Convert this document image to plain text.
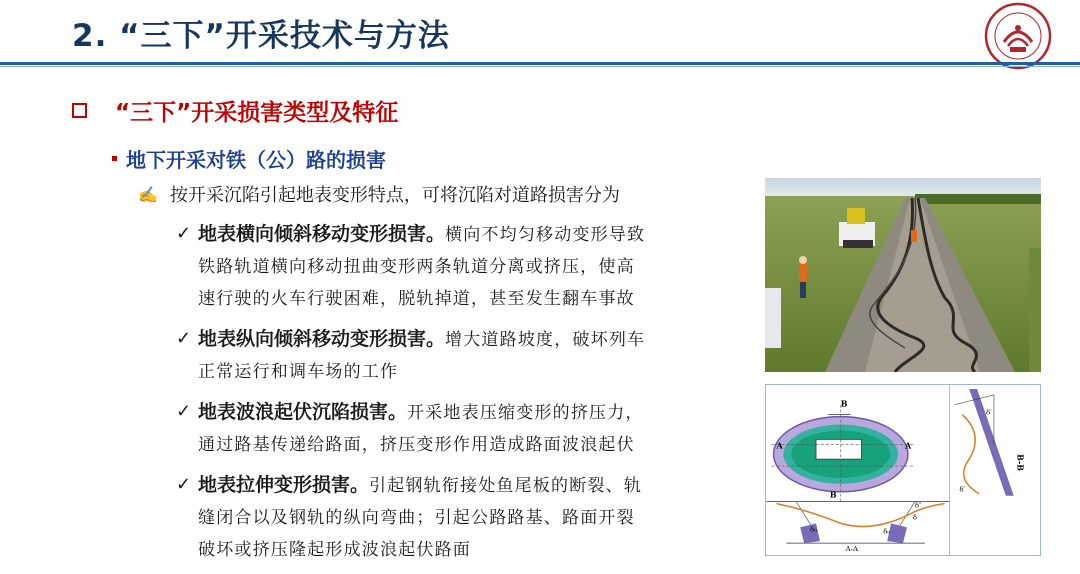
2. “三下”开采技术与方法
“三下”开采损害类型及特征
地下开采对铁（公）路的损害
✍ 按开采沉陷引起地表变形特点，可将沉陷对道路损害分为
✓ 地表横向倾斜移动变形损害。横向不均匀移动变形导致
铁路轨道横向移动扭曲变形两条轨道分离或挤压，使高
速行驶的火车行驶困难，脱轨掉道，甚至发生翻车事故
✓ 地表纵向倾斜移动变形损害。增大道路坡度，破坏列车
正常运行和调车场的工作
✓ 地表波浪起伏沉陷损害。开采地表压缩变形的挤压力，
通过路基传递给路面，挤压变形作用造成路面波浪起伏
✓ 地表拉伸变形损害。引起钢轨衔接处鱼尾板的断裂、轨
缝闭合以及钢轨的纵向弯曲；引起公路路基、路面开裂
破坏或挤压隆起形成波浪起伏路面
B
B
A	A
A-A
δ₀	δ₀
δ
δ″
δ′
δ′
B-B
